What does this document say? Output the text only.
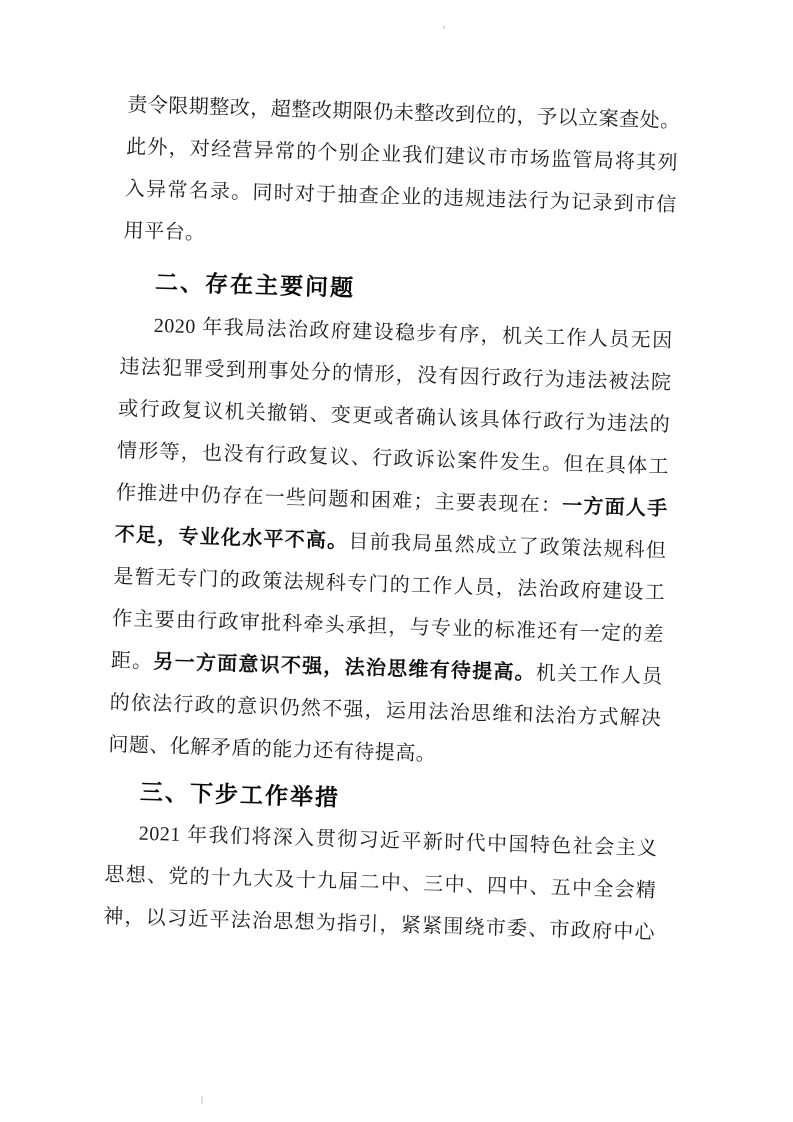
责令限期整改，超整改期限仍未整改到位的，予以立案查处。
此外，对经营异常的个别企业我们建议市市场监管局将其列
入异常名录。同时对于抽查企业的违规违法行为记录到市信
用平台。
二、存在主要问题
2020 年我局法治政府建设稳步有序，机关工作人员无因
违法犯罪受到刑事处分的情形，没有因行政行为违法被法院
或行政复议机关撤销、变更或者确认该具体行政行为违法的
情形等，也没有行政复议、行政诉讼案件发生。但在具体工
作推进中仍存在一些问题和困难；主要表现在：一方面人手
不足，专业化水平不高。目前我局虽然成立了政策法规科但
是暂无专门的政策法规科专门的工作人员，法治政府建设工
作主要由行政审批科牵头承担，与专业的标准还有一定的差
距。另一方面意识不强，法治思维有待提高。机关工作人员
的依法行政的意识仍然不强，运用法治思维和法治方式解决
问题、化解矛盾的能力还有待提高。
三、下步工作举措
2021 年我们将深入贯彻习近平新时代中国特色社会主义
思想、党的十九大及十九届二中、三中、四中、五中全会精
神，以习近平法治思想为指引，紧紧围绕市委、市政府中心
